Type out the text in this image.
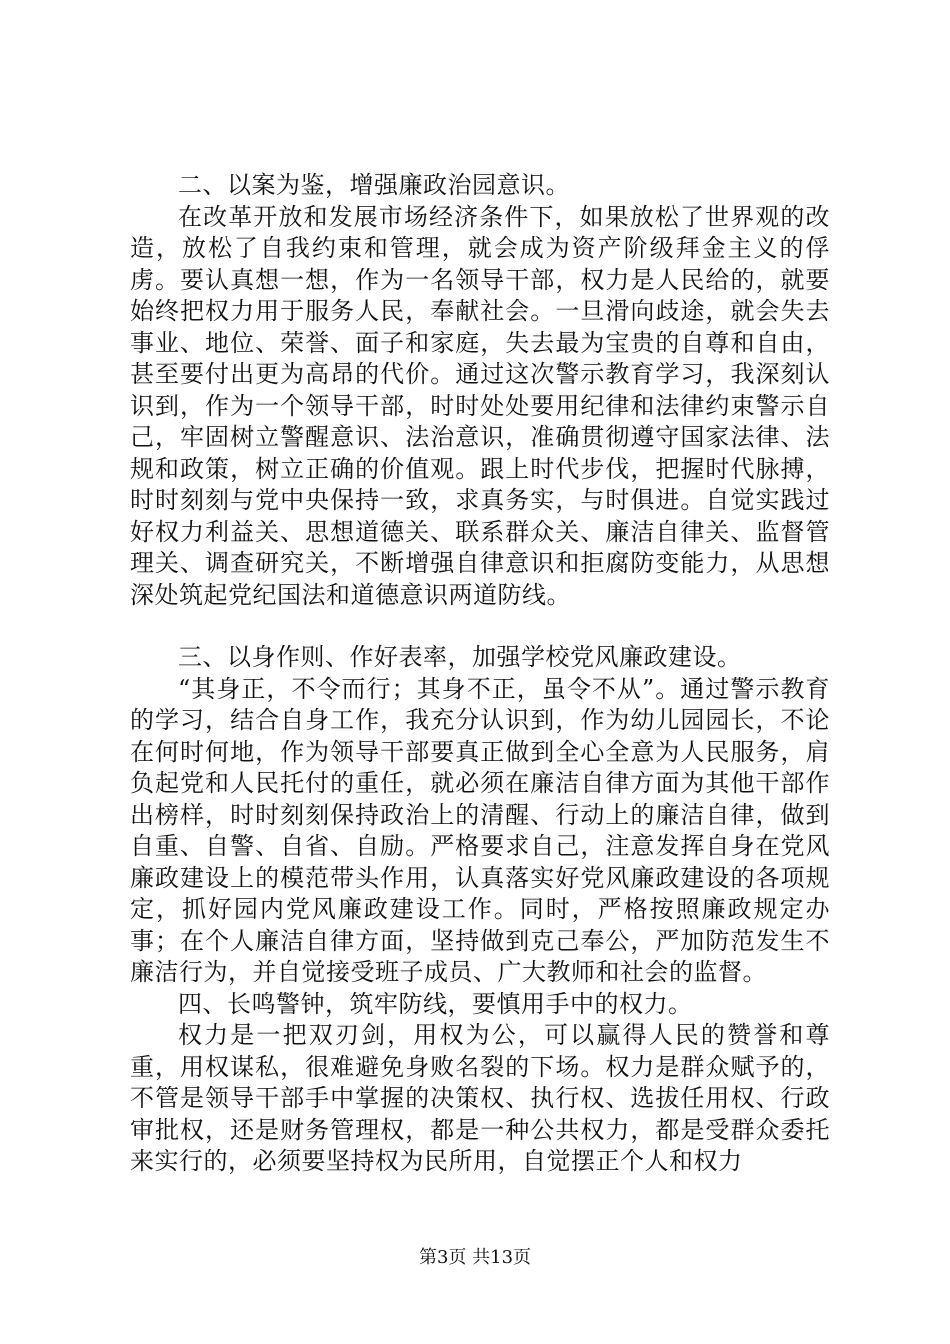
二、以案为鉴，增强廉政治园意识。

在改革开放和发展市场经济条件下，如果放松了世界观的改造，放松了自我约束和管理，就会成为资产阶级拜金主义的俘虏。要认真想一想，作为一名领导干部，权力是人民给的，就要始终把权力用于服务人民，奉献社会。一旦滑向歧途，就会失去事业、地位、荣誉、面子和家庭，失去最为宝贵的自尊和自由，甚至要付出更为高昂的代价。通过这次警示教育学习，我深刻认识到，作为一个领导干部，时时处处要用纪律和法律约束警示自己，牢固树立警醒意识、法治意识，准确贯彻遵守国家法律、法规和政策，树立正确的价值观。跟上时代步伐，把握时代脉搏，时时刻刻与党中央保持一致，求真务实，与时俱进。自觉实践过好权力利益关、思想道德关、联系群众关、廉洁自律关、监督管理关、调查研究关，不断增强自律意识和拒腐防变能力，从思想深处筑起党纪国法和道德意识两道防线。

三、以身作则、作好表率，加强学校党风廉政建设。

“其身正，不令而行；其身不正，虽令不从”。通过警示教育的学习，结合自身工作，我充分认识到，作为幼儿园园长，不论在何时何地，作为领导干部要真正做到全心全意为人民服务，肩负起党和人民托付的重任，就必须在廉洁自律方面为其他干部作出榜样，时时刻刻保持政治上的清醒、行动上的廉洁自律，做到自重、自警、自省、自励。严格要求自己，注意发挥自身在党风廉政建设上的模范带头作用，认真落实好党风廉政建设的各项规定，抓好园内党风廉政建设工作。同时，严格按照廉政规定办事；在个人廉洁自律方面，坚持做到克己奉公，严加防范发生不廉洁行为，并自觉接受班子成员、广大教师和社会的监督。

四、长鸣警钟，筑牢防线，要慎用手中的权力。

权力是一把双刃剑，用权为公，可以赢得人民的赞誉和尊重，用权谋私，很难避免身败名裂的下场。权力是群众赋予的，不管是领导干部手中掌握的决策权、执行权、选拔任用权、行政审批权，还是财务管理权，都是一种公共权力，都是受群众委托来实行的，必须要坚持权为民所用，自觉摆正个人和权力

第3页 共13页
